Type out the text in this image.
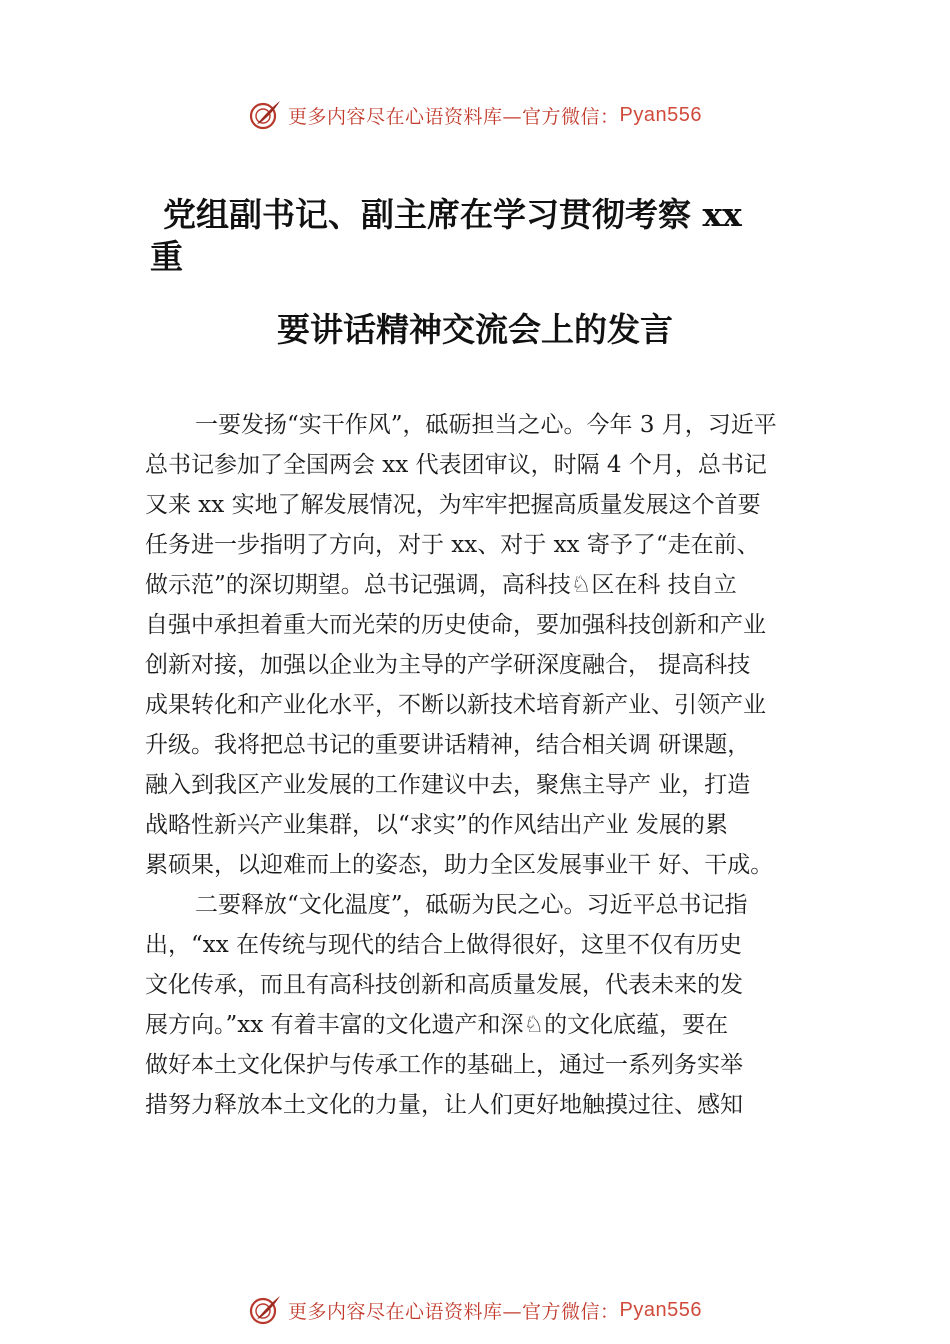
更多内容尽在心语资料库—官方微信： Pyan556
党组副书记、副主席在学习贯彻考察 xx
重
要讲话精神交流会上的发言
一要发扬“实干作风”，砥砺担当之心。今年 3 月，习近平
总书记参加了全国两会 xx 代表团审议，时隔 4 个月，总书记
又来 xx 实地了解发展情况，为牢牢把握高质量发展这个首要
任务进一步指明了方向，对于 xx、对于 xx 寄予了“走在前、
做示范”的深切期望。总书记强调，高科技♘区在科 技自立
自强中承担着重大而光荣的历史使命，要加强科技创新和产业
创新对接，加强以企业为主导的产学研深度融合， 提高科技
成果转化和产业化水平，不断以新技术培育新产业、引领产业
升级。我将把总书记的重要讲话精神，结合相关调 研课题，
融入到我区产业发展的工作建议中去，聚焦主导产 业，打造
战略性新兴产业集群，以“求实”的作风结出产业 发展的累
累硕果，以迎难而上的姿态，助力全区发展事业干 好、干成。
二要释放“文化温度”，砥砺为民之心。习近平总书记指
出，“xx 在传统与现代的结合上做得很好，这里不仅有历史
文化传承，而且有高科技创新和高质量发展，代表未来的发
展方向。”xx 有着丰富的文化遗产和深♘的文化底蕴，要在
做好本土文化保护与传承工作的基础上，通过一系列务实举
措努力释放本土文化的力量，让人们更好地触摸过往、感知
更多内容尽在心语资料库—官方微信： Pyan556
